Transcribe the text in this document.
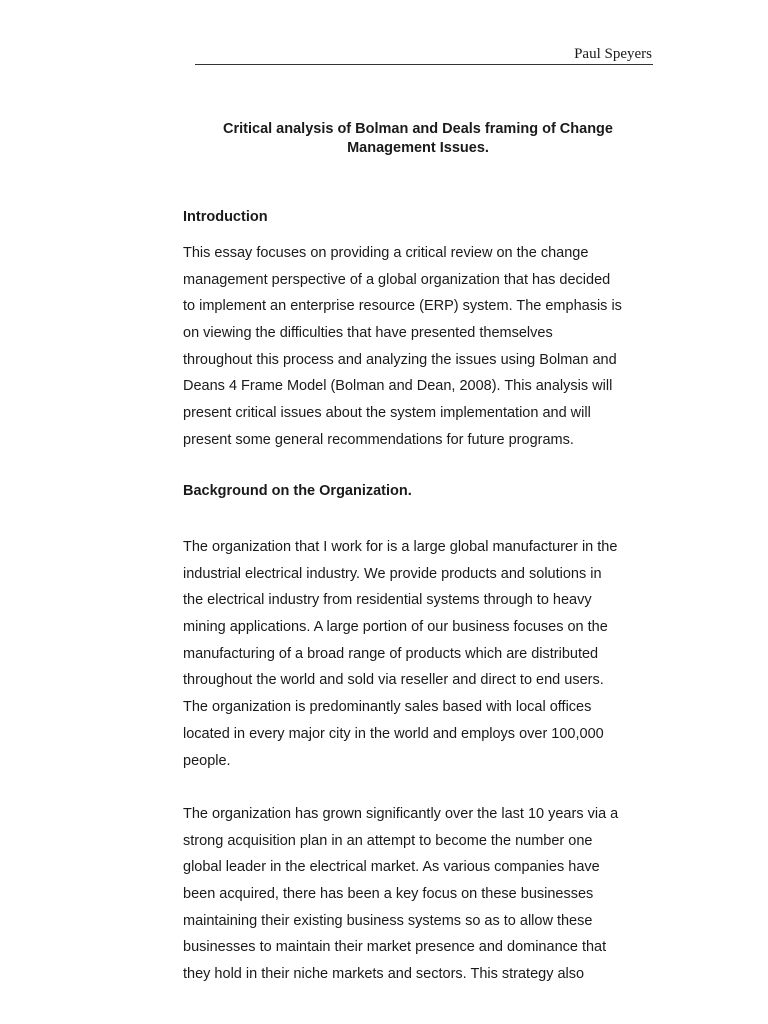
Paul Speyers
Critical analysis of Bolman and Deals framing of Change
Management Issues.
Introduction
This essay focuses on providing a critical review on the change
management perspective of a global organization that has decided
to implement an enterprise resource (ERP) system. The emphasis is
on viewing the difficulties that have presented themselves
throughout this process and analyzing the issues using Bolman and
Deans 4 Frame Model (Bolman and Dean, 2008). This analysis will
present critical issues about the system implementation and will
present some general recommendations for future programs.
Background on the Organization.
The organization that I work for is a large global manufacturer in the
industrial electrical industry. We provide products and solutions in
the electrical industry from residential systems through to heavy
mining applications. A large portion of our business focuses on the
manufacturing of a broad range of products which are distributed
throughout the world and sold via reseller and direct to end users.
The organization is predominantly sales based with local offices
located in every major city in the world and employs over 100,000
people.
The organization has grown significantly over the last 10 years via a
strong acquisition plan in an attempt to become the number one
global leader in the electrical market. As various companies have
been acquired, there has been a key focus on these businesses
maintaining their existing business systems so as to allow these
businesses to maintain their market presence and dominance that
they hold in their niche markets and sectors. This strategy also
